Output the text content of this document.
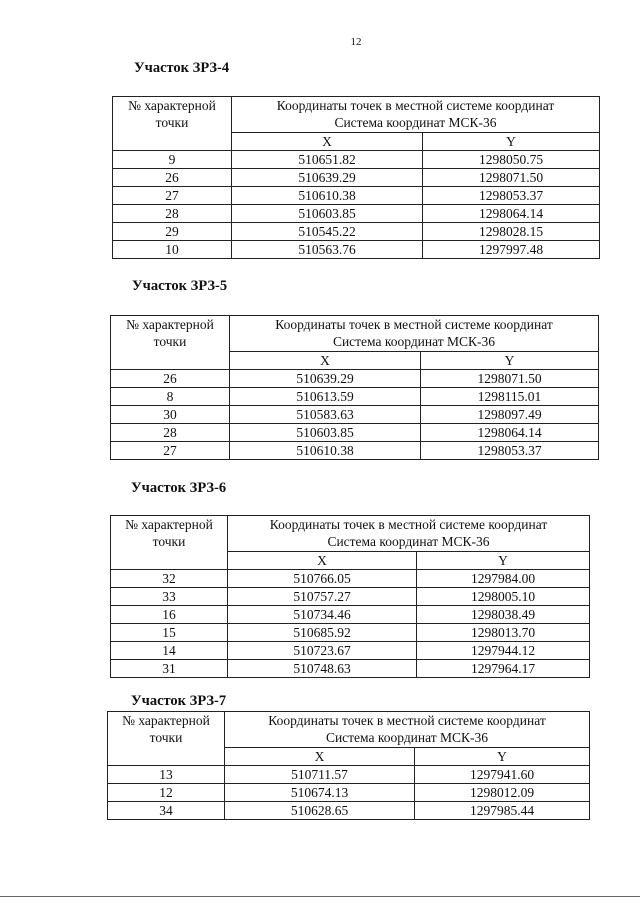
12
Участок ЗРЗ-4
№ характерной
точки	Координаты точек в местной системе координат
Система координат МСК-36	
	X	Y
9	510651.82	1298050.75
26	510639.29	1298071.50
27	510610.38	1298053.37
28	510603.85	1298064.14
29	510545.22	1298028.15
10	510563.76	1297997.48
Участок ЗРЗ-5
№ характерной
точки	Координаты точек в местной системе координат
Система координат МСК-36	
	X	Y
26	510639.29	1298071.50
8	510613.59	1298115.01
30	510583.63	1298097.49
28	510603.85	1298064.14
27	510610.38	1298053.37
Участок ЗРЗ-6
№ характерной
точки	Координаты точек в местной системе координат
Система координат МСК-36	
	X	Y
32	510766.05	1297984.00
33	510757.27	1298005.10
16	510734.46	1298038.49
15	510685.92	1298013.70
14	510723.67	1297944.12
31	510748.63	1297964.17
Участок ЗРЗ-7
№ характерной
точки	Координаты точек в местной системе координат
Система координат МСК-36	
	X	Y
13	510711.57	1297941.60
12	510674.13	1298012.09
34	510628.65	1297985.44
